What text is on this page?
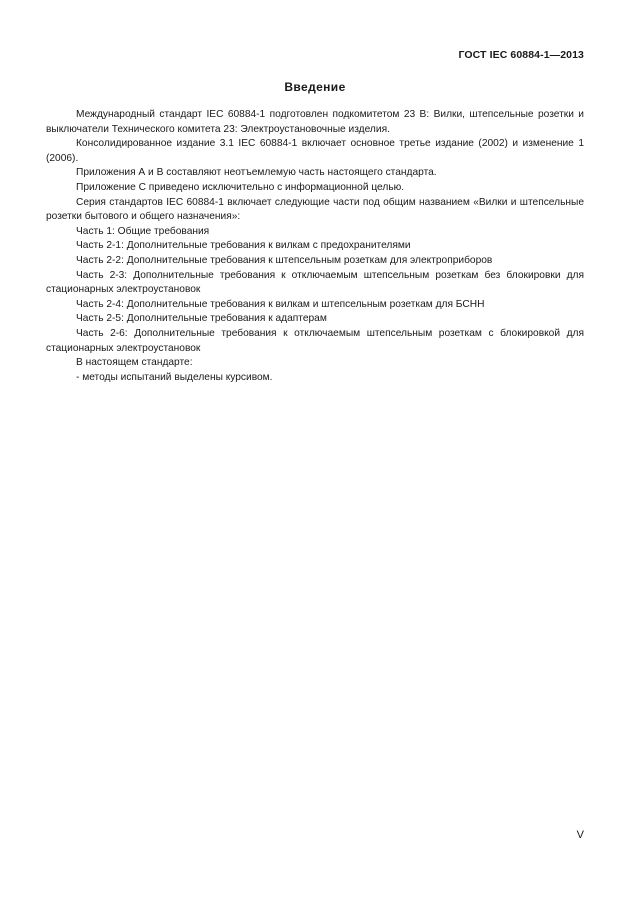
ГОСТ IEC 60884-1—2013
Введение

Международный стандарт IEC 60884-1 подготовлен подкомитетом 23 B: Вилки, штепсельные розетки и выключатели Технического комитета 23: Электроустановочные изделия.

Консолидированное издание 3.1 IEC 60884-1 включает основное третье издание (2002) и изменение 1 (2006).

Приложения А и В составляют неотъемлемую часть настоящего стандарта.

Приложение С приведено исключительно с информационной целью.

Серия стандартов IEC 60884-1 включает следующие части под общим названием «Вилки и штепсельные розетки бытового и общего назначения»:

Часть 1: Общие требования

Часть 2-1: Дополнительные требования к вилкам с предохранителями

Часть 2-2: Дополнительные требования к штепсельным розеткам для электроприборов

Часть 2-3: Дополнительные требования к отключаемым штепсельным розеткам без блокировки для стационарных электроустановок

Часть 2-4: Дополнительные требования к вилкам и штепсельным розеткам для БСНН

Часть 2-5: Дополнительные требования к адаптерам

Часть 2-6: Дополнительные требования к отключаемым штепсельным розеткам с блокировкой для стационарных электроустановок

В настоящем стандарте:

- методы испытаний выделены курсивом.

V
